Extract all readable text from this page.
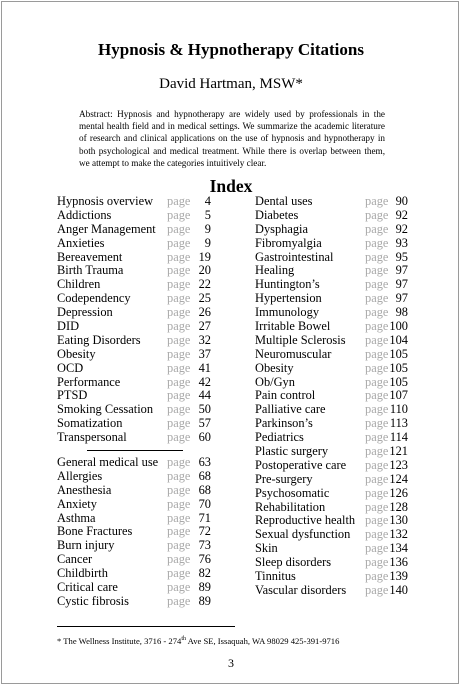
Hypnosis & Hypnotherapy Citations
David Hartman, MSW*
Abstract: Hypnosis and hypnotherapy are widely used by professionals in the mental health field and in medical settings. We summarize the academic literature of research and clinical applications on the use of hypnosis and hypnotherapy in both psychological and medical treatment. While there is overlap between them, we attempt to make the categories intuitively clear.
Index
Hypnosis overview page 4
Addictions	page 5
Anger Management page 9
Anxieties	page 9
Bereavement	page 19
Birth Trauma	page 20
Children	page 22
Codependency	page 25
Depression	page 26
DID	page 27
Eating Disorders page 32
Obesity	page 37
OCD	page 41
Performance	page 42
PTSD	page 44
Smoking Cessation page 50
Somatization	page 57
Transpersonal	page 60
General medical use page 63
Allergies	page 68
Anesthesia	page 68
Anxiety	page 70
Asthma	page 71
Bone Fractures	page 72
Burn injury	page 73
Cancer	page 76
Childbirth	page 82
Critical care	page 89
Cystic fibrosis	page 89
Dental uses	page 90
Diabetes	page 92
Dysphagia	page 92
Fibromyalgia	page 93
Gastrointestinal	page 95
Healing	page 97
Huntington’s	page 97
Hypertension	page 97
Immunology	page 98
Irritable Bowel	page 100
Multiple Sclerosis page 104
Neuromuscular	page 105
Obesity	page 105
Ob/Gyn	page 105
Pain control	page 107
Palliative care	page 110
Parkinson’s	page 113
Pediatrics	page 114
Plastic surgery	page 121
Postoperative care page 123
Pre-surgery	page 124
Psychosomatic	page 126
Rehabilitation	page 128
Reproductive health page 130
Sexual dysfunction page 132
Skin	page 134
Sleep disorders	page 136
Tinnitus	page 139
Vascular disorders page 140
* The Wellness Institute, 3716 - 274th Ave SE, Issaquah, WA 98029 425-391-9716
3
